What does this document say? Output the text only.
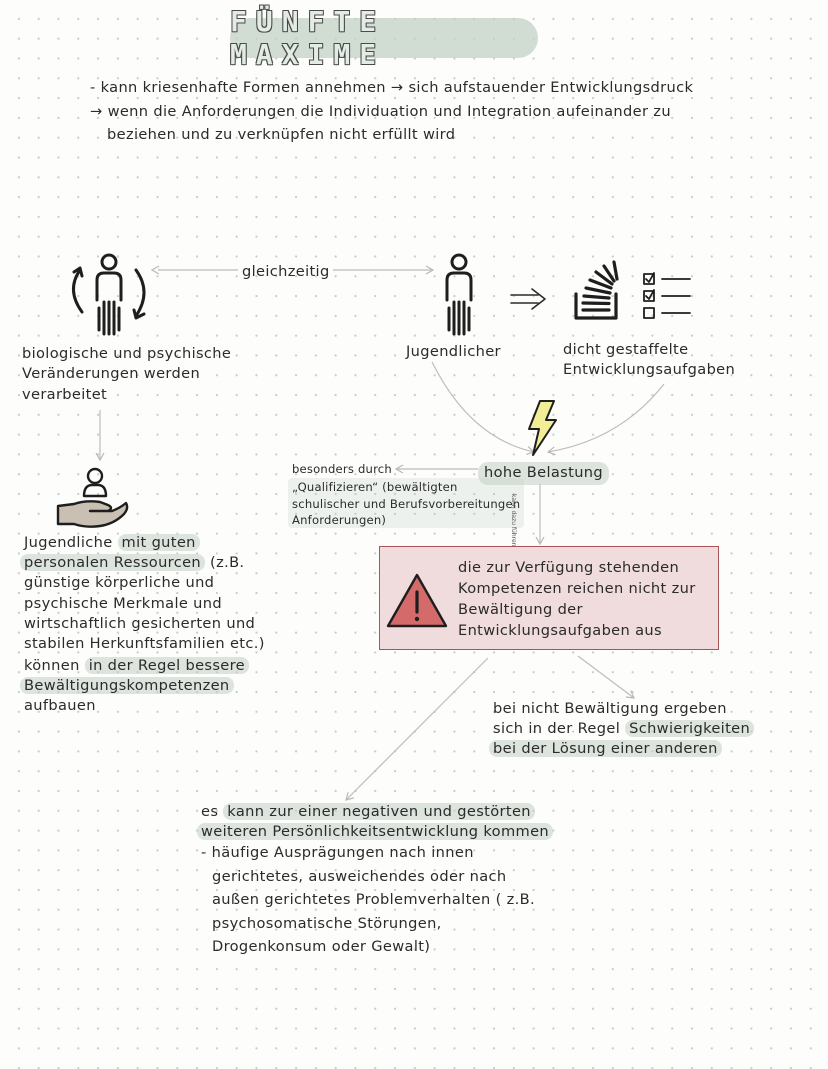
FÜNFTE MAXIME
- kann kriesenhafte Formen annehmen → sich aufstauender Entwicklungsdruck
→ wenn die Anforderungen die Individuation und Integration aufeinander zu
beziehen und zu verknüpfen nicht erfüllt wird
gleichzeitig
biologische und psychische
Veränderungen werden
verarbeitet
Jugendlicher	dicht gestaffelte
Entwicklungsaufgaben
hohe Belastung
besonders durch
„Qualifizieren“ (bewältigten
schulischer und Berufsvorbereitungen
Anforderungen)	kann dazu führen
Jugendliche mit guten
personalen Ressourcen (z.B.
günstige körperliche und
psychische Merkmale und
wirtschaftlich gesicherten und
stabilen Herkunftsfamilien etc.)
können in der Regel bessere
Bewältigungskompetenzen
aufbauen
die zur Verfügung stehenden
Kompetenzen reichen nicht zur
Bewältigung der
Entwicklungsaufgaben aus
bei nicht Bewältigung ergeben
sich in der Regel Schwierigkeiten
bei der Lösung einer anderen
es kann zur einer negativen und gestörten
weiteren Persönlichkeitsentwicklung kommen
- häufige Ausprägungen nach innen
gerichtetes, ausweichendes oder nach
außen gerichtetes Problemverhalten ( z.B.
psychosomatische Störungen,
Drogenkonsum oder Gewalt)
